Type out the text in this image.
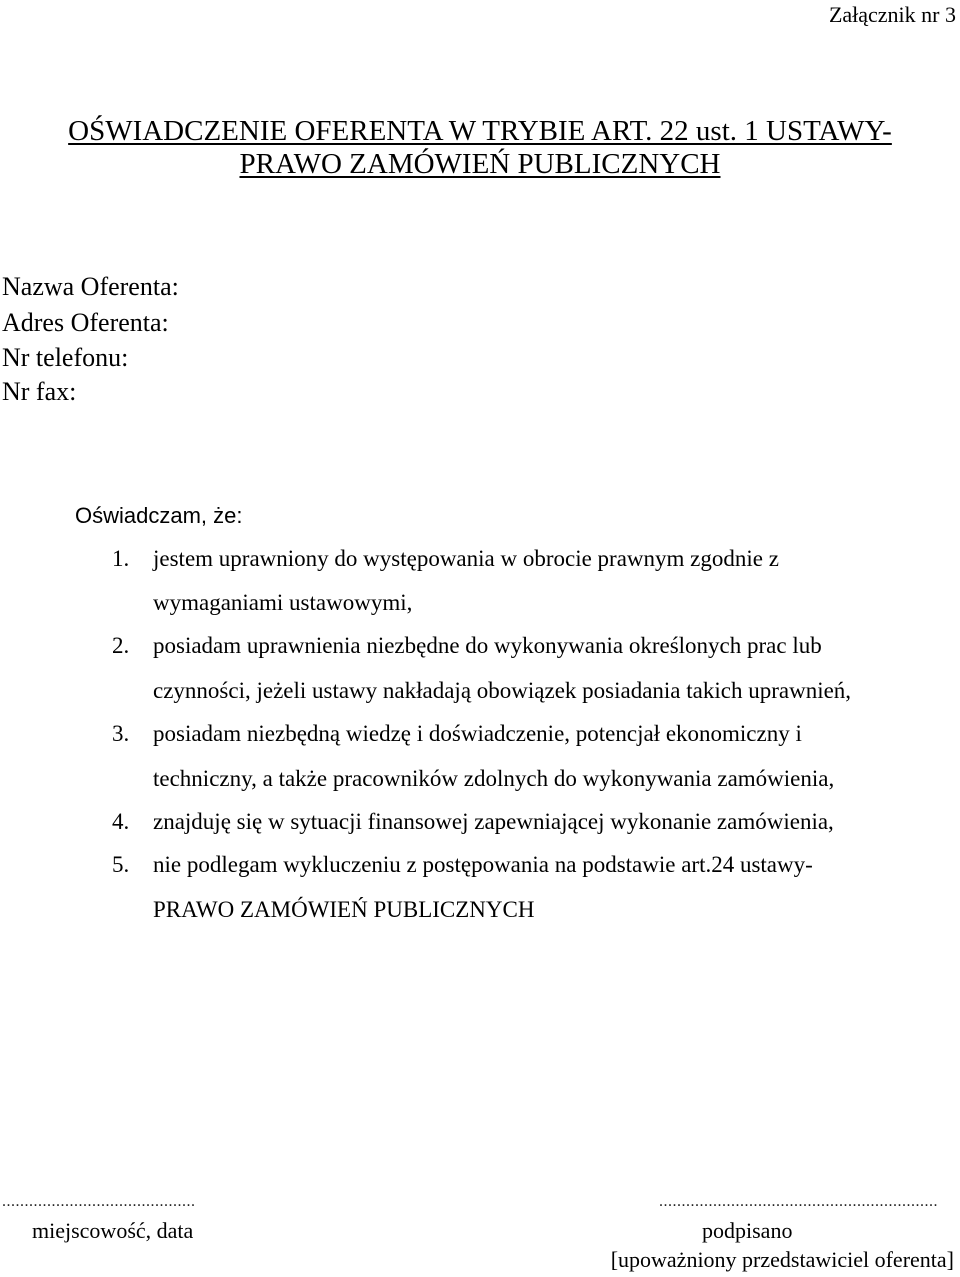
Załącznik nr 3
OŚWIADCZENIE OFERENTA W TRYBIE ART. 22 ust. 1 USTAWY-
PRAWO ZAMÓWIEŃ PUBLICZNYCH
Nazwa Oferenta:
Adres Oferenta:
Nr telefonu:
Nr fax:
Oświadczam, że:
1. jestem uprawniony do występowania w obrocie prawnym zgodnie z
wymaganiami ustawowymi,
2. posiadam uprawnienia niezbędne do wykonywania określonych prac lub
czynności, jeżeli ustawy nakładają obowiązek posiadania takich uprawnień,
3. posiadam niezbędną wiedzę i doświadczenie, potencjał ekonomiczny i
techniczny, a także pracowników zdolnych do wykonywania zamówienia,
4. znajduję się w sytuacji finansowej zapewniającej wykonanie zamówienia,
5. nie podlegam wykluczeniu z postępowania na podstawie art.24 ustawy-
PRAWO ZAMÓWIEŃ PUBLICZNYCH
...........................................	..............................................................
miejscowość, data	podpisano
[upoważniony przedstawiciel oferenta]
